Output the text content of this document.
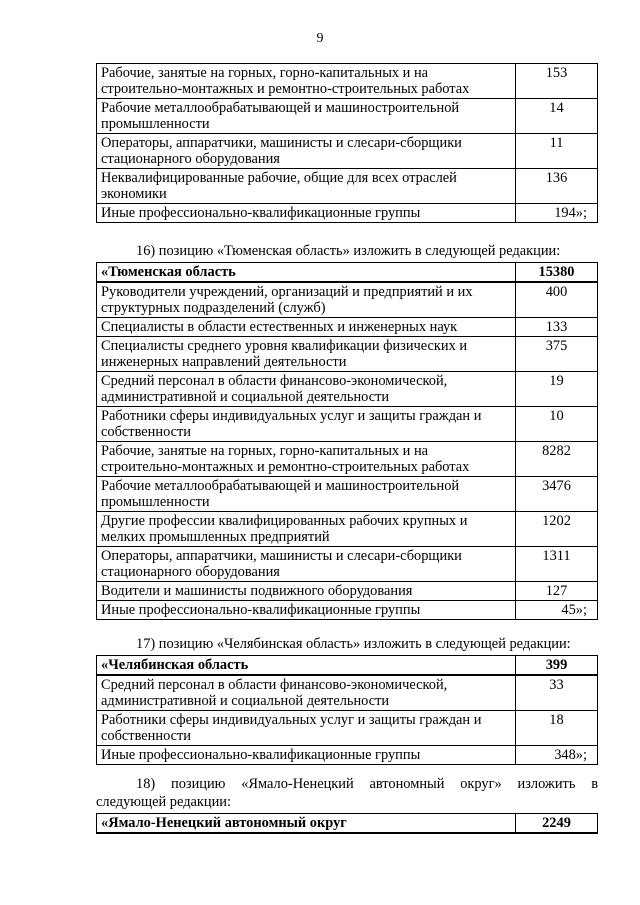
9
Рабочие, занятые на горных, горно-капитальных и на строительно-монтажных и ремонтно-строительных работах	153
Рабочие металлообрабатывающей и машиностроительной промышленности	14
Операторы, аппаратчики, машинисты и слесари-сборщики стационарного оборудования	11
Неквалифицированные рабочие, общие для всех отраслей экономики	136
Иные профессионально-квалификационные группы	194»;
16) позицию «Тюменская область» изложить в следующей редакции:
«Тюменская область	15380
Руководители учреждений, организаций и предприятий и их структурных подразделений (служб)	400
Специалисты в области естественных и инженерных наук	133
Специалисты среднего уровня квалификации физических и инженерных направлений деятельности	375
Средний персонал в области финансово-экономической, административной и социальной деятельности	19
Работники сферы индивидуальных услуг и защиты граждан и собственности	10
Рабочие, занятые на горных, горно-капитальных и на строительно-монтажных и ремонтно-строительных работах	8282
Рабочие металлообрабатывающей и машиностроительной промышленности	3476
Другие профессии квалифицированных рабочих крупных и мелких промышленных предприятий	1202
Операторы, аппаратчики, машинисты и слесари-сборщики стационарного оборудования	1311
Водители и машинисты подвижного оборудования	127
Иные профессионально-квалификационные группы	45»;
17) позицию «Челябинская область» изложить в следующей редакции:
«Челябинская область	399
Средний персонал в области финансово-экономической, административной и социальной деятельности	33
Работники сферы индивидуальных услуг и защиты граждан и собственности	18
Иные профессионально-квалификационные группы	348»;
18) позицию «Ямало-Ненецкий автономный округ» изложить в
следующей редакции:
«Ямало-Ненецкий автономный округ	2249
